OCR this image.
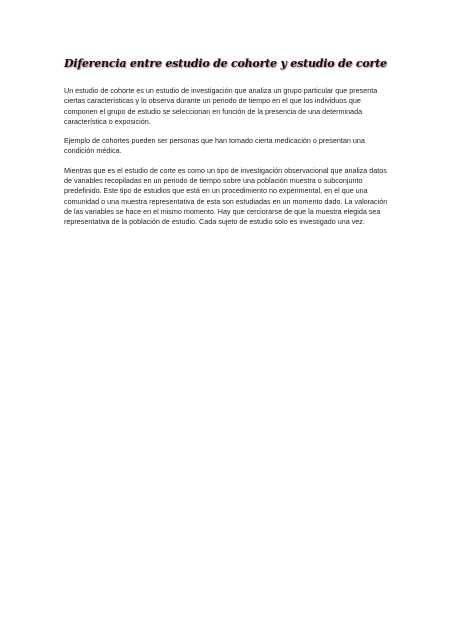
Diferencia entre estudio de cohorte y estudio de corte

Un estudio de cohorte es un estudio de investigación que analiza un grupo particular que presenta ciertas características y lo observa durante un periodo de tiempo en el que los individuos que componen el grupo de estudio se seleccionan en función de la presencia de una determinada característica o exposición.

Ejemplo de cohortes pueden ser personas que han tomado cierta medicación o presentan una condición médica.

Mientras que es el estudio de corte es como un tipo de investigación observacional que analiza datos de variables recopiladas en un periodo de tiempo sobre una población muestra o subconjunto predefinido. Este tipo de estudios que está en un procedimiento no experimental, en el que una comunidad o una muestra representativa de esta son estudiadas en un momento dado. La valoración de las variables se hace en el mismo momento. Hay que cerciorarse de que la muestra elegida sea representativa de la población de estudio. Cada sujeto de estudio solo es investigado una vez.
